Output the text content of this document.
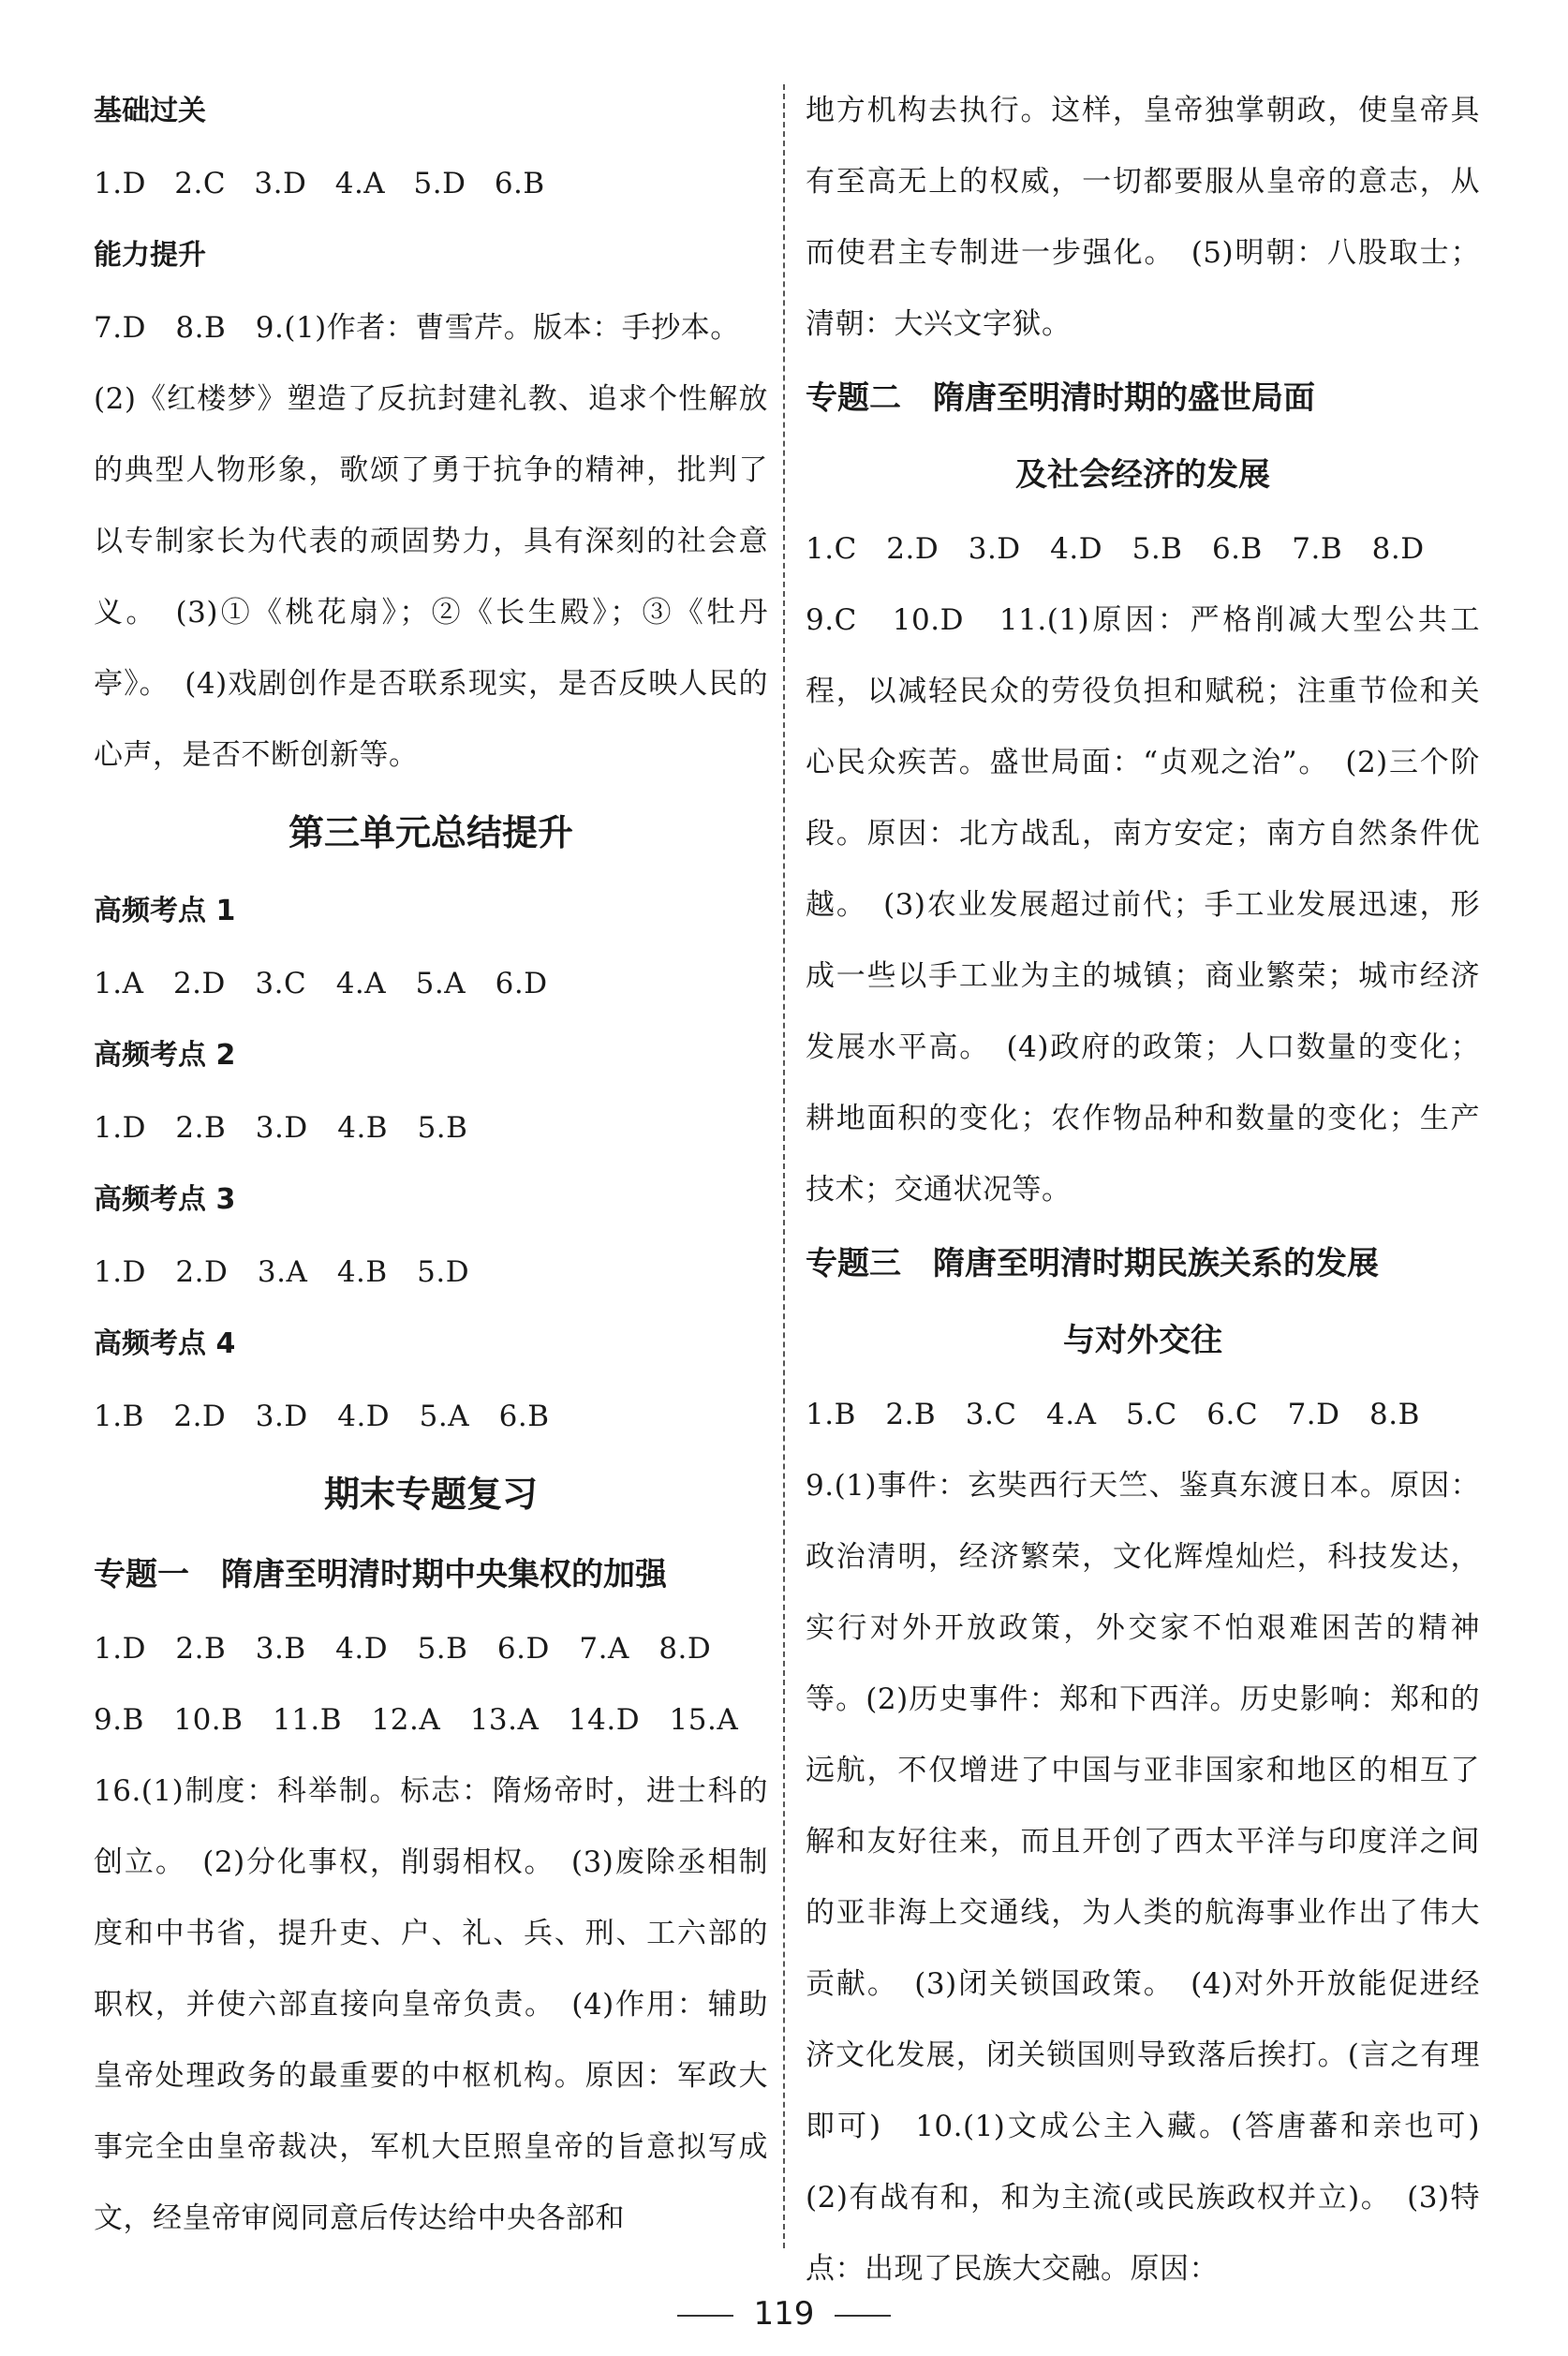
基础过关

1.D 2.C 3.D 4.A 5.D 6.B

能力提升

7.D　8.B　9.(1)作者：曹雪芹。版本：手抄本。

(2)《红楼梦》塑造了反抗封建礼教、追求个性解放的典型人物形象，歌颂了勇于抗争的精神，批判了以专制家长为代表的顽固势力，具有深刻的社会意义。　(3)①《桃花扇》；②《长生殿》；③《牡丹亭》。　(4)戏剧创作是否联系现实，是否反映人民的心声，是否不断创新等。

第三单元总结提升

高频考点 1

1.A　2.D　3.C　4.A　5.A　6.D

高频考点 2

1.D　2.B　3.D　4.B　5.B

高频考点 3

1.D　2.D　3.A　4.B　5.D

高频考点 4

1.B　2.D　3.D　4.D　5.A　6.B

期末专题复习

专题一　隋唐至明清时期中央集权的加强

1.D　2.B　3.B　4.D　5.B　6.D　7.A　8.D

9.B　10.B　11.B　12.A　13.A　14.D　15.A

16.(1)制度：科举制。标志：隋炀帝时，进士科的创立。　(2)分化事权，削弱相权。　(3)废除丞相制度和中书省，提升吏、户、礼、兵、刑、工六部的职权，并使六部直接向皇帝负责。　(4)作用：辅助皇帝处理政务的最重要的中枢机构。原因：军政大事完全由皇帝裁决，军机大臣照皇帝的旨意拟写成文，经皇帝审阅同意后传达给中央各部和

地方机构去执行。这样，皇帝独掌朝政，使皇帝具有至高无上的权威，一切都要服从皇帝的意志，从而使君主专制进一步强化。　(5)明朝：八股取士；清朝：大兴文字狱。

专题二　隋唐至明清时期的盛世局面

及社会经济的发展

1.C　2.D　3.D　4.D　5.B　6.B　7.B　8.D

9.C　10.D　11.(1)原因：严格削减大型公共工程，以减轻民众的劳役负担和赋税；注重节俭和关心民众疾苦。盛世局面：“贞观之治”。　(2)三个阶段。原因：北方战乱，南方安定；南方自然条件优越。　(3)农业发展超过前代；手工业发展迅速，形成一些以手工业为主的城镇；商业繁荣；城市经济发展水平高。　(4)政府的政策；人口数量的变化；耕地面积的变化；农作物品种和数量的变化；生产技术；交通状况等。

专题三　隋唐至明清时期民族关系的发展

与对外交往

1.B　2.B　3.C　4.A　5.C　6.C　7.D　8.B

9.(1)事件：玄奘西行天竺、鉴真东渡日本。原因：政治清明，经济繁荣，文化辉煌灿烂，科技发达，实行对外开放政策，外交家不怕艰难困苦的精神等。(2)历史事件：郑和下西洋。历史影响：郑和的远航，不仅增进了中国与亚非国家和地区的相互了解和友好往来，而且开创了西太平洋与印度洋之间的亚非海上交通线，为人类的航海事业作出了伟大贡献。　(3)闭关锁国政策。　(4)对外开放能促进经济文化发展，闭关锁国则导致落后挨打。(言之有理即可)　10.(1)文成公主入藏。(答唐蕃和亲也可)　(2)有战有和，和为主流(或民族政权并立)。　(3)特点：出现了民族大交融。原因：

119
